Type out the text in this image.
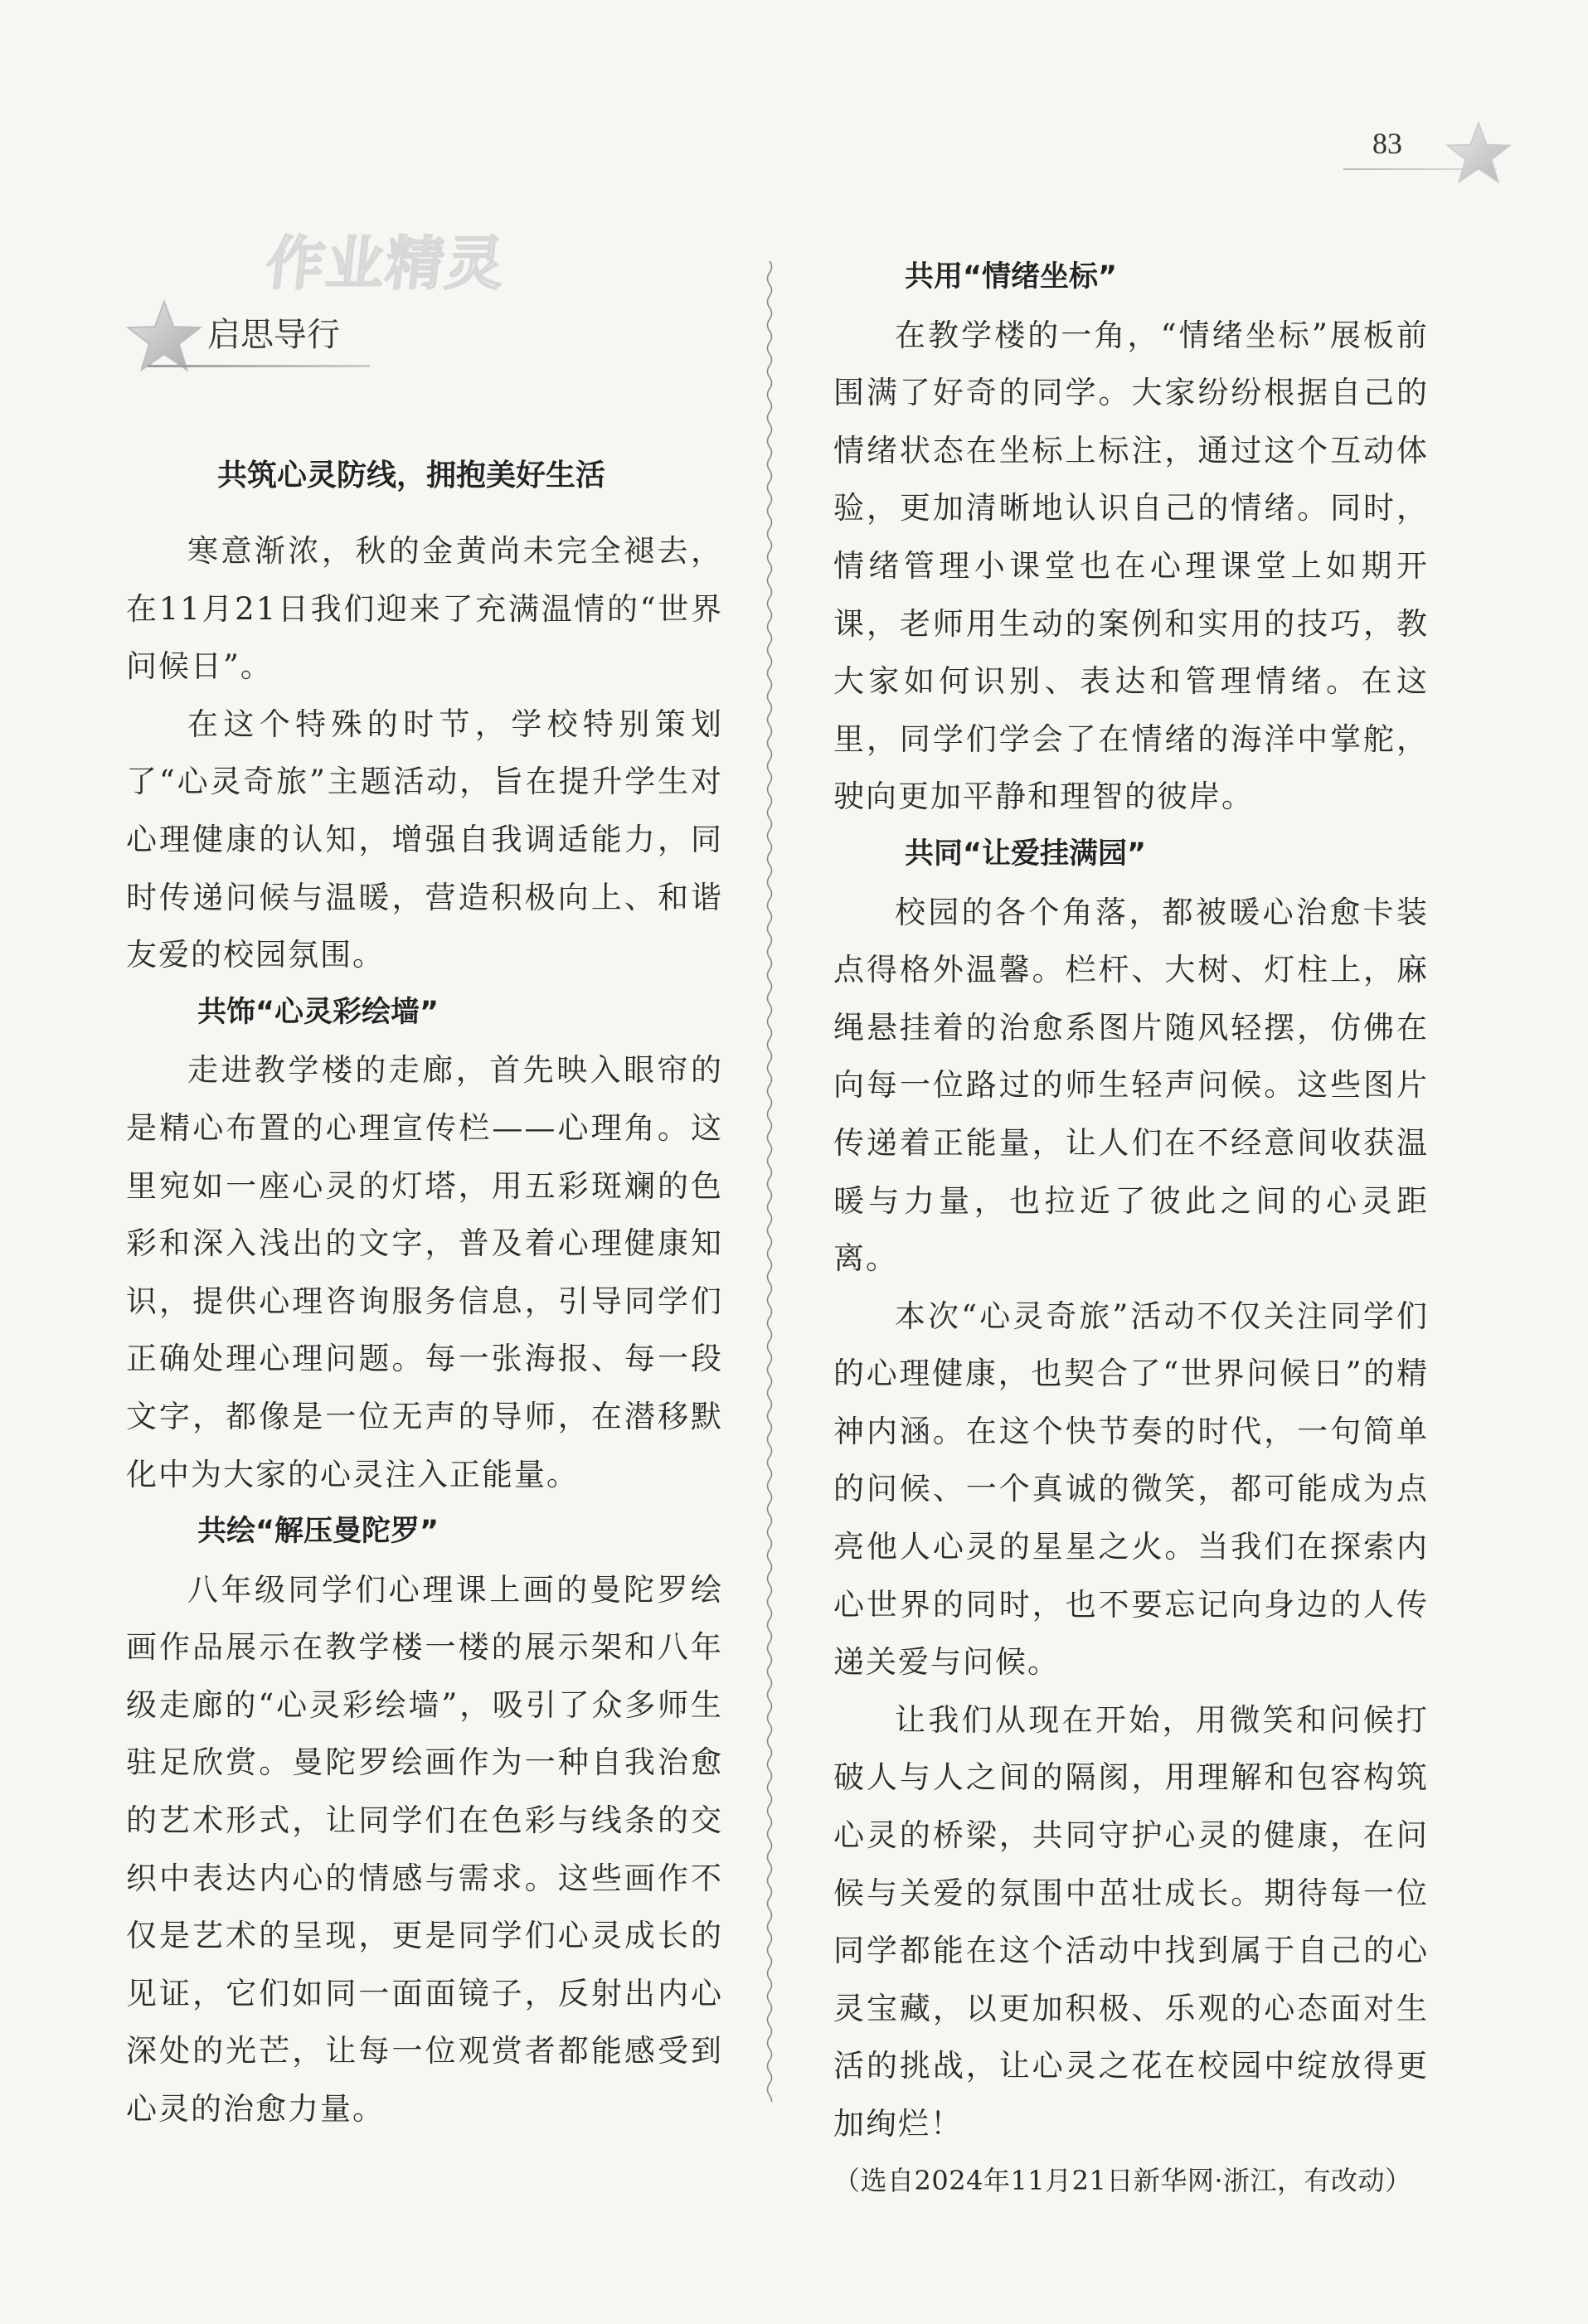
83
作业精灵
启思导行
共筑心灵防线，拥抱美好生活

寒意渐浓，秋的金黄尚未完全褪去，在11月21日我们迎来了充满温情的“世界问候日”。

在这个特殊的时节，学校特别策划了“心灵奇旅”主题活动，旨在提升学生对心理健康的认知，增强自我调适能力，同时传递问候与温暖，营造积极向上、和谐友爱的校园氛围。

共饰“心灵彩绘墙”

走进教学楼的走廊，首先映入眼帘的是精心布置的心理宣传栏——心理角。这里宛如一座心灵的灯塔，用五彩斑斓的色彩和深入浅出的文字，普及着心理健康知识，提供心理咨询服务信息，引导同学们正确处理心理问题。每一张海报、每一段文字，都像是一位无声的导师，在潜移默化中为大家的心灵注入正能量。

共绘“解压曼陀罗”

八年级同学们心理课上画的曼陀罗绘画作品展示在教学楼一楼的展示架和八年级走廊的“心灵彩绘墙”，吸引了众多师生驻足欣赏。曼陀罗绘画作为一种自我治愈的艺术形式，让同学们在色彩与线条的交织中表达内心的情感与需求。这些画作不仅是艺术的呈现，更是同学们心灵成长的见证，它们如同一面面镜子，反射出内心深处的光芒，让每一位观赏者都能感受到心灵的治愈力量。

共用“情绪坐标”

在教学楼的一角，“情绪坐标”展板前围满了好奇的同学。大家纷纷根据自己的情绪状态在坐标上标注，通过这个互动体验，更加清晰地认识自己的情绪。同时，情绪管理小课堂也在心理课堂上如期开课，老师用生动的案例和实用的技巧，教大家如何识别、表达和管理情绪。在这里，同学们学会了在情绪的海洋中掌舵，驶向更加平静和理智的彼岸。

共同“让爱挂满园”

校园的各个角落，都被暖心治愈卡装点得格外温馨。栏杆、大树、灯柱上，麻绳悬挂着的治愈系图片随风轻摆，仿佛在向每一位路过的师生轻声问候。这些图片传递着正能量，让人们在不经意间收获温暖与力量，也拉近了彼此之间的心灵距离。

本次“心灵奇旅”活动不仅关注同学们的心理健康，也契合了“世界问候日”的精神内涵。在这个快节奏的时代，一句简单的问候、一个真诚的微笑，都可能成为点亮他人心灵的星星之火。当我们在探索内心世界的同时，也不要忘记向身边的人传递关爱与问候。

让我们从现在开始，用微笑和问候打破人与人之间的隔阂，用理解和包容构筑心灵的桥梁，共同守护心灵的健康，在问候与关爱的氛围中茁壮成长。期待每一位同学都能在这个活动中找到属于自己的心灵宝藏，以更加积极、乐观的心态面对生活的挑战，让心灵之花在校园中绽放得更加绚烂！

（选自2024年11月21日新华网·浙江，有改动）
